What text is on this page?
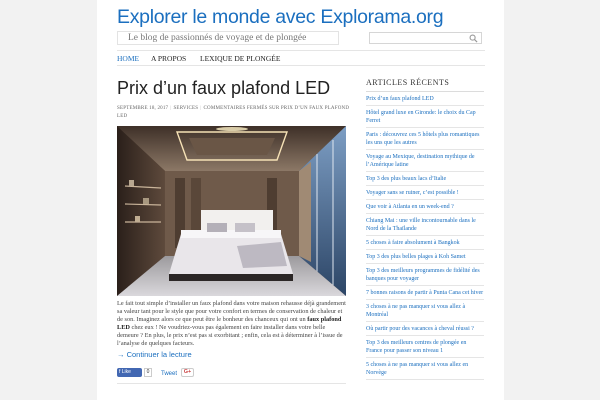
Explorer le monde avec Explorama.org
Le blog de passionnés de voyage et de plongée
HOME A PROPOS LEXIQUE DE PLONGÉE
Prix d’un faux plafond LED
SEPTEMBRE 18, 2017 | SERVICES | COMMENTAIRES FERMÉS SUR PRIX D’UN FAUX PLAFOND LED

Le fait tout simple d’installer un faux plafond dans votre maison rehausse déjà grandement sa valeur tant pour le style que pour votre confort en termes de conservation de chaleur et de son. Imaginez alors ce que peut être le bonheur des chanceux qui ont un faux plafond LED chez eux ! Ne voudriez-vous pas également en faire installer dans votre belle demeure ? En plus, le prix n’est pas si exorbitant ; enfin, cela est à déterminer à l’issue de l’analyse de quelques facteurs.

→ Continuer la lecture
f Like	0	Tweet	G+
ARTICLES RÉCENTS
Prix d’un faux plafond LED
Hôtel grand luxe en Gironde: le choix du Cap Ferret
Paris : découvrez ces 5 hôtels plus romantiques les uns que les autres
Voyage au Mexique, destination mythique de l’Amérique latine
Top 3 des plus beaux lacs d’Italie
Voyager sans se ruiner, c’est possible !
Que voir à Atlanta en un week-end ?
Chiang Mai : une ville incontournable dans le Nord de la Thaïlande
5 choses à faire absolument à Bangkok
Top 3 des plus belles plages à Koh Samet
Top 3 des meilleurs programmes de fidélité des banques pour voyager
7 bonnes raisons de partir à Punta Cana cet hiver
3 choses à ne pas manquer si vous allez à Montréal
Où partir pour des vacances à cheval réussi ?
Top 3 des meilleurs centres de plongée en France pour passer son niveau 1
5 choses à ne pas manquer si vous allez en Norvège
